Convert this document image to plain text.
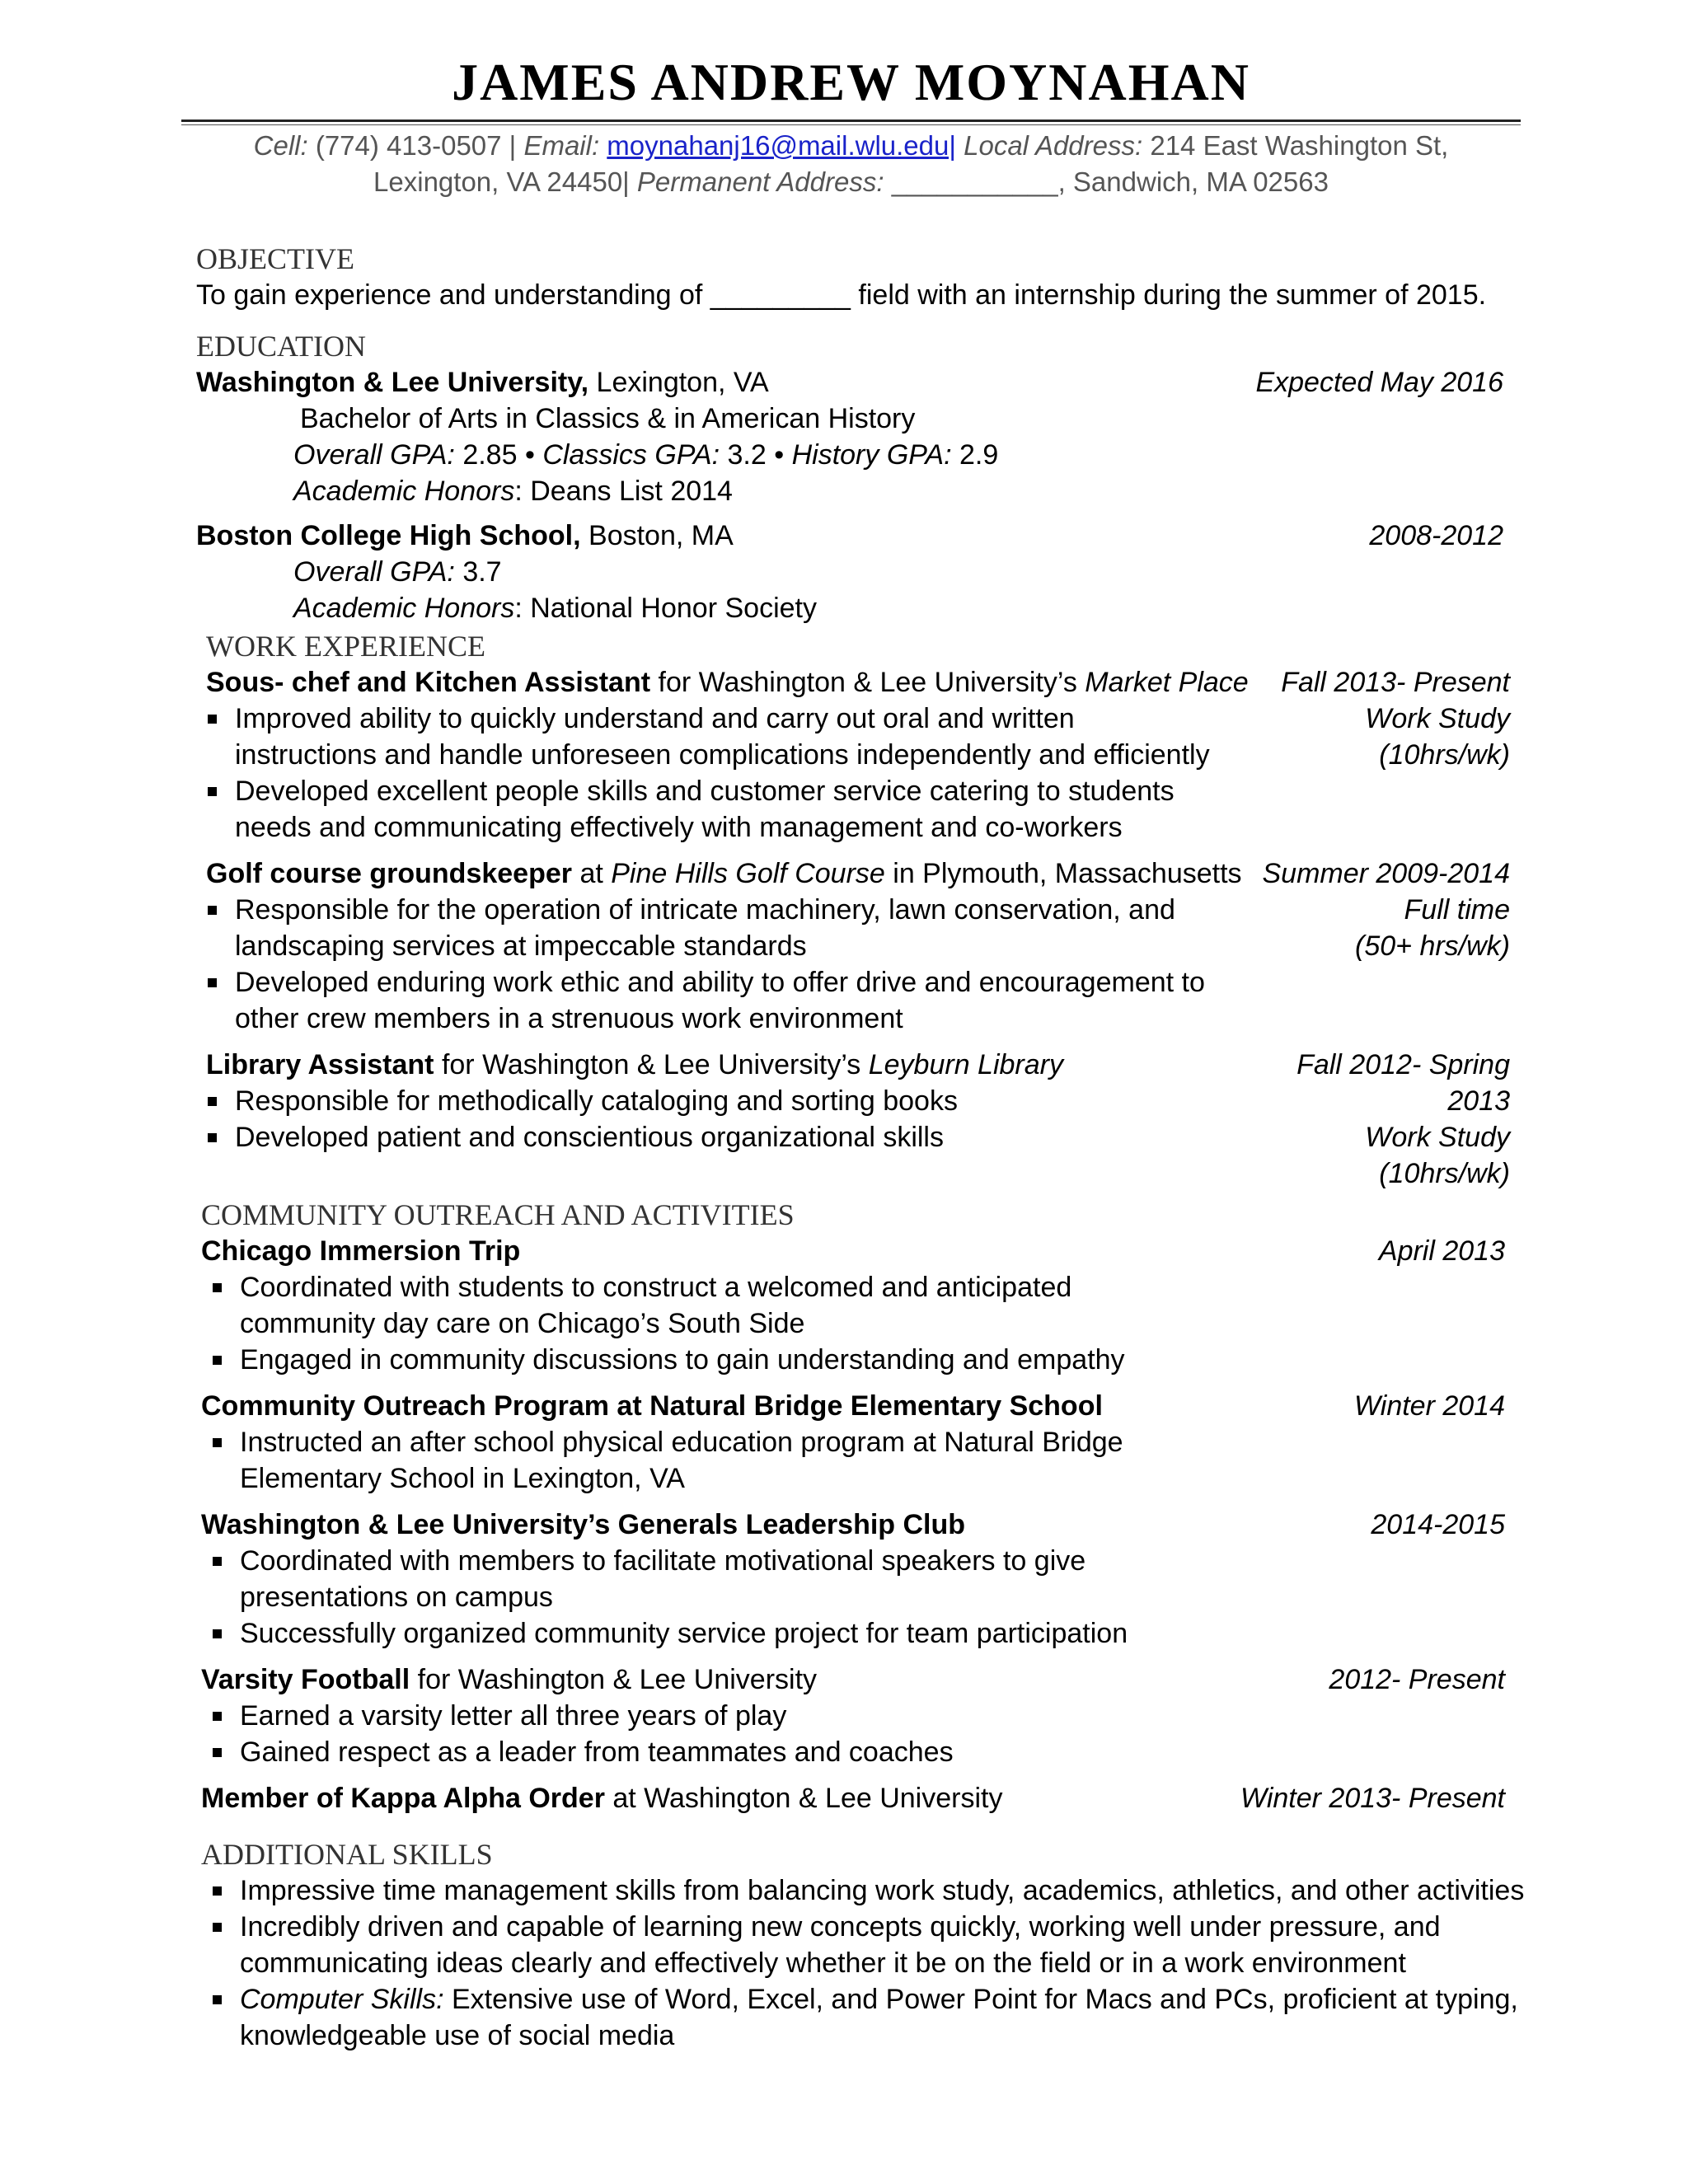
JAMES ANDREW MOYNAHAN
Cell: (774) 413-0507 | Email: moynahanj16@mail.wlu.edu| Local Address: 214 East Washington St,
Lexington, VA 24450| Permanent Address: ___________, Sandwich, MA 02563
OBJECTIVE
To gain experience and understanding of _________ field with an internship during the summer of 2015.
EDUCATION
Washington & Lee University, Lexington, VA	Expected May 2016
Bachelor of Arts in Classics & in American History
Overall GPA: 2.85 • Classics GPA: 3.2 • History GPA: 2.9
Academic Honors: Deans List 2014
Boston College High School, Boston, MA	2008-2012
Overall GPA: 3.7
Academic Honors: National Honor Society
WORK EXPERIENCE
Sous- chef and Kitchen Assistant for Washington & Lee University’s Market Place Fall 2013- Present
Work Study
(10hrs/wk)
Improved ability to quickly understand and carry out oral and written
instructions and handle unforeseen complications independently and efficiently
Developed excellent people skills and customer service catering to students
needs and communicating effectively with management and co-workers
Golf course groundskeeper at Pine Hills Golf Course in Plymouth, Massachusetts Summer 2009-2014
Full time
(50+ hrs/wk)
Responsible for the operation of intricate machinery, lawn conservation, and
landscaping services at impeccable standards
Developed enduring work ethic and ability to offer drive and encouragement to
other crew members in a strenuous work environment
Library Assistant for Washington & Lee University’s Leyburn Library	Fall 2012- Spring
2013
Work Study
(10hrs/wk)
Responsible for methodically cataloging and sorting books
Developed patient and conscientious organizational skills
COMMUNITY OUTREACH AND ACTIVITIES
Chicago Immersion Trip	April 2013
Coordinated with students to construct a welcomed and anticipated
community day care on Chicago’s South Side
Engaged in community discussions to gain understanding and empathy
Community Outreach Program at Natural Bridge Elementary School	Winter 2014
Instructed an after school physical education program at Natural Bridge
Elementary School in Lexington, VA
Washington & Lee University’s Generals Leadership Club	2014-2015
Coordinated with members to facilitate motivational speakers to give
presentations on campus
Successfully organized community service project for team participation
Varsity Football for Washington & Lee University	2012- Present
Earned a varsity letter all three years of play
Gained respect as a leader from teammates and coaches
Member of Kappa Alpha Order at Washington & Lee University	Winter 2013- Present
ADDITIONAL SKILLS
Impressive time management skills from balancing work study, academics, athletics, and other activities
Incredibly driven and capable of learning new concepts quickly, working well under pressure, and
communicating ideas clearly and effectively whether it be on the field or in a work environment
Computer Skills: Extensive use of Word, Excel, and Power Point for Macs and PCs, proficient at typing,
knowledgeable use of social media
